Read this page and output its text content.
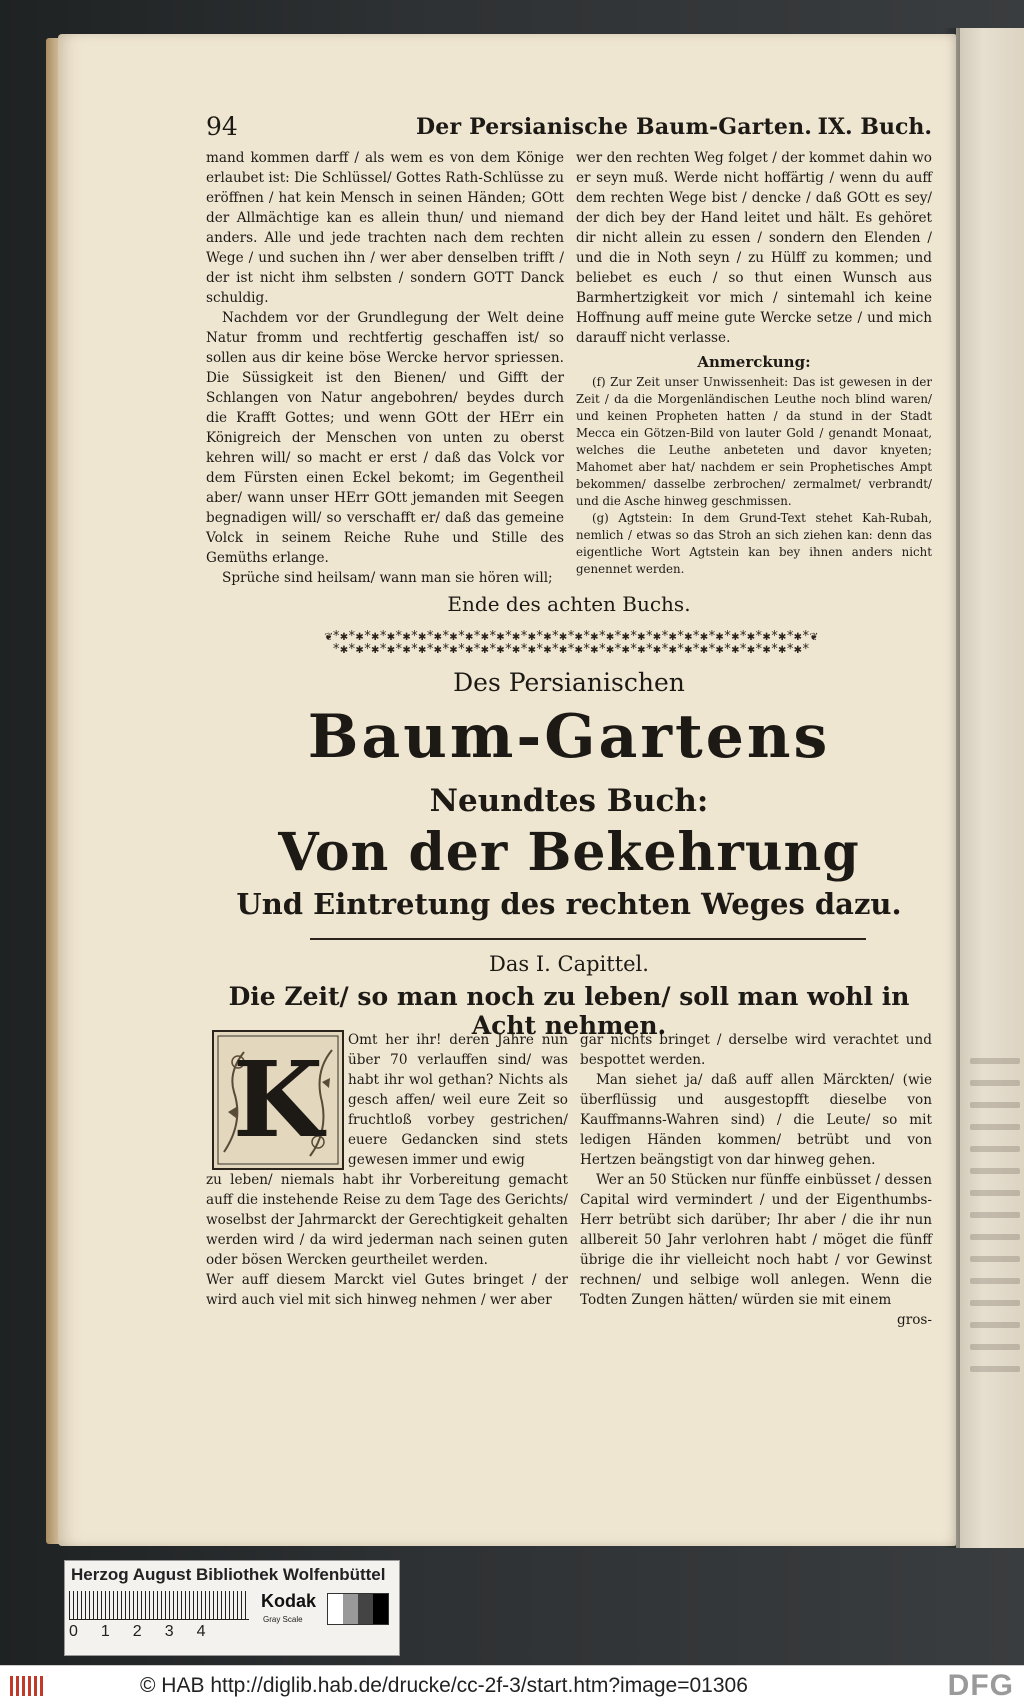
94	Der Persianische Baum-Garten. IX. Buch.

mand kommen darff / als wem es von dem Könige erlaubet ist: Die Schlüssel/ Gottes Rath-Schlüsse zu eröffnen / hat kein Mensch in seinen Händen; GOtt der Allmächtige kan es allein thun/ und niemand anders. Alle und jede trachten nach dem rechten Wege / und suchen ihn / wer aber denselben trifft / der ist nicht ihm selbsten / sondern GOTT Danck schuldig.

Nachdem vor der Grundlegung der Welt deine Natur fromm und rechtfertig geschaffen ist/ so sollen aus dir keine böse Wercke hervor spriessen. Die Süssigkeit ist den Bienen/ und Gifft der Schlangen von Natur angebohren/ beydes durch die Krafft Gottes; und wenn GOtt der HErr ein Königreich der Menschen von unten zu oberst kehren will/ so macht er erst / daß das Volck vor dem Fürsten einen Eckel bekomt; im Gegentheil aber/ wann unser HErr GOtt jemanden mit Seegen begnadigen will/ so verschafft er/ daß das gemeine Volck in seinem Reiche Ruhe und Stille des Gemüths erlange.

Sprüche sind heilsam/ wann man sie hören will;

wer den rechten Weg folget / der kommet dahin wo er seyn muß. Werde nicht hoffärtig / wenn du auff dem rechten Wege bist / dencke / daß GOtt es sey/ der dich bey der Hand leitet und hält. Es gehöret dir nicht allein zu essen / sondern den Elenden / und die in Noth seyn / zu Hülff zu kommen; und beliebet es euch / so thut einen Wunsch aus Barmhertzigkeit vor mich / sintemahl ich keine Hoffnung auff meine gute Wercke setze / und mich darauff nicht verlasse.

Anmerckung:

(f) Zur Zeit unser Unwissenheit: Das ist gewesen in der Zeit / da die Morgenländischen Leuthe noch blind waren/ und keinen Propheten hatten / da stund in der Stadt Mecca ein Götzen-Bild von lauter Gold / genandt Monaat, welches die Leuthe anbeteten und davor knyeten; Mahomet aber hat/ nachdem er sein Prophetisches Ampt bekommen/ dasselbe zerbrochen/ zermalmet/ verbrandt/ und die Asche hinweg geschmissen.

(g) Agtstein: In dem Grund-Text stehet Kah-Rubah, nemlich / etwas so das Stroh an sich ziehen kan: denn das eigentliche Wort Agtstein kan bey ihnen anders nicht genennet werden.

Ende des achten Buchs.
❦*✱*✱*✱*✱*✱*✱*✱*✱*✱*✱*✱*✱*✱*✱*✱*✱*✱*✱*✱*✱*✱*✱*✱*✱*✱*✱*✱*✱*✱*✱*❦
*✱*✱*✱*✱*✱*✱*✱*✱*✱*✱*✱*✱*✱*✱*✱*✱*✱*✱*✱*✱*✱*✱*✱*✱*✱*✱*✱*✱*✱*✱*
Des Persianischen
Baum-Gartens
Neundtes Buch:
Von der Bekehrung
Und Eintretung des rechten Weges dazu.
Das I. Capittel.
Die Zeit/ so man noch zu leben/ soll man wohl in Acht nehmen.
K Omt her ihr! deren Jahre nun über 70 verlauffen sind/ was habt ihr wol gethan? Nichts als gesch affen/ weil eure Zeit so fruchtloß vorbey gestrichen/ euere Gedancken sind stets gewesen immer und ewig

zu leben/ niemals habt ihr Vorbereitung gemacht auff die instehende Reise zu dem Tage des Gerichts/ woselbst der Jahrmarckt der Gerechtigkeit gehalten werden wird / da wird jederman nach seinen guten oder bösen Wercken geurtheilet werden.

Wer auff diesem Marckt viel Gutes bringet / der wird auch viel mit sich hinweg nehmen / wer aber

gar nichts bringet / derselbe wird verachtet und bespottet werden.

Man siehet ja/ daß auff allen Märckten/ (wie überflüssig und ausgestopfft dieselbe von Kauffmanns-Wahren sind) / die Leute/ so mit ledigen Händen kommen/ betrübt und von Hertzen beängstigt von dar hinweg gehen.

Wer an 50 Stücken nur fünffe einbüsset / dessen Capital wird vermindert / und der Eigenthumbs-Herr betrübt sich darüber; Ihr aber / die ihr nun allbereit 50 Jahr verlohren habt / möget die fünff übrige die ihr vielleicht noch habt / vor Gewinst rechnen/ und selbige woll anlegen. Wenn die Todten Zungen hätten/ würden sie mit einem

gros-

Herzog August Bibliothek Wolfenbüttel
01234
Kodak
Gray Scale
© HAB http://diglib.hab.de/drucke/cc-2f-3/start.htm?image=01306	DFG
